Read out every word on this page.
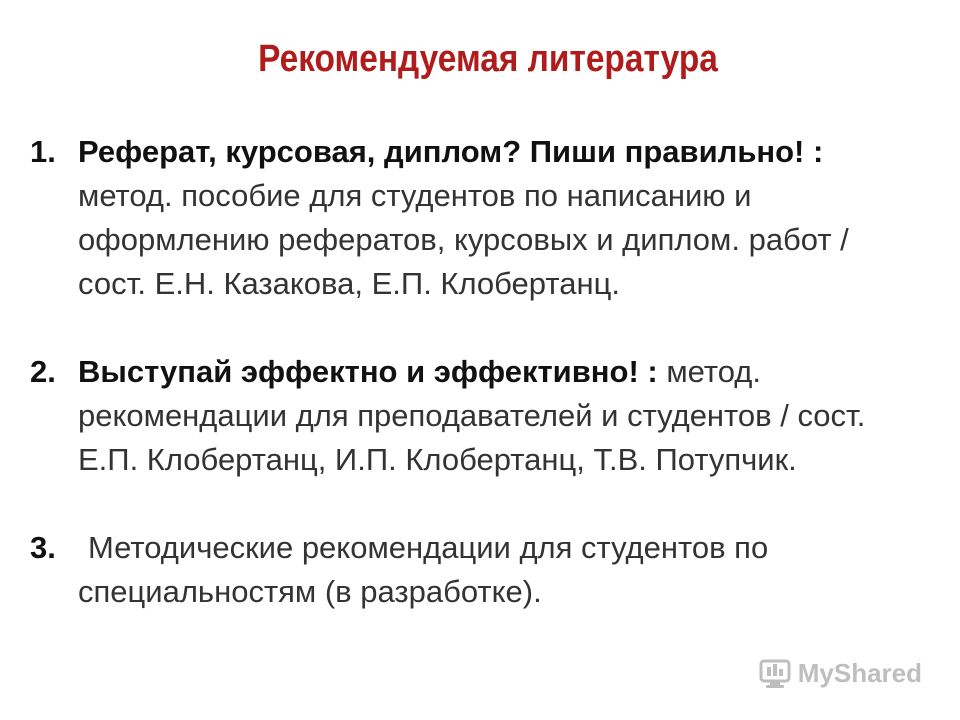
Рекомендуемая литература
1. Реферат, курсовая, диплом? Пиши правильно! :
метод. пособие для студентов по написанию и
оформлению рефератов, курсовых и диплом. работ /
сост. Е.Н. Казакова, Е.П. Клобертанц.
2. Выступай эффектно и эффективно! : метод.
рекомендации для преподавателей и студентов / сост.
Е.П. Клобертанц, И.П. Клобертанц, Т.В. Потупчик.
3.	Методические рекомендации для студентов по

специальностям (в разработке).
MyShared
